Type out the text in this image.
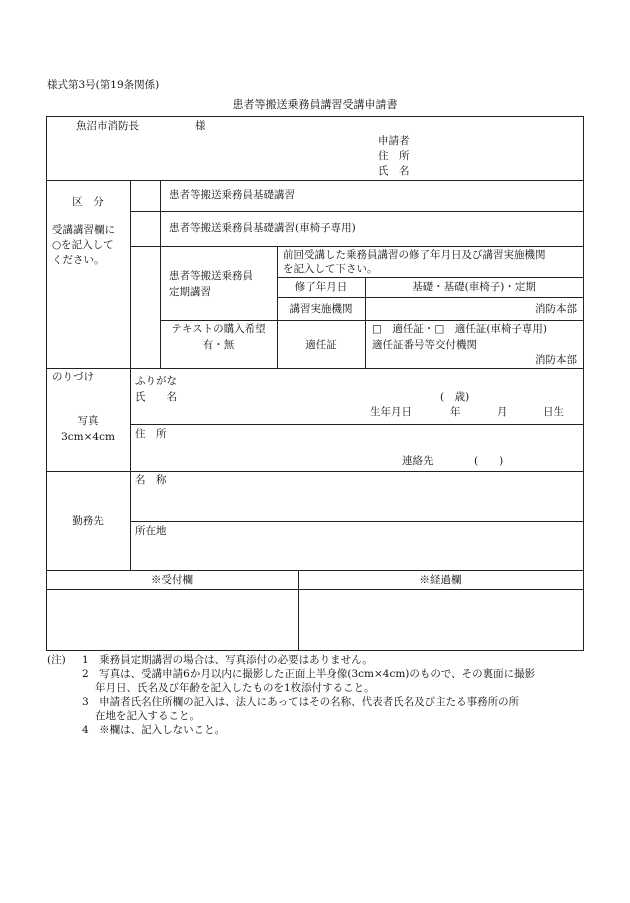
様式第3号(第19条関係)
患者等搬送乗務員講習受講申請書
魚沼市消防長	様
申請者
住　所
氏　名
区　分
受講講習欄に
○を記入して
ください。
患者等搬送乗務員基礎講習
患者等搬送乗務員基礎講習(車椅子専用)
患者等搬送乗務員
定期講習
前回受講した乗務員講習の修了年月日及び講習実施機関
を記入して下さい。
修了年月日	基礎・基礎(車椅子)・定期
講習実施機関	消防本部
テキストの購入希望
有・無	適任証
□　適任証・□　適任証(車椅子専用)
適任証番号等交付機関
消防本部
のりづけ
写真
3cm×4cm
ふりがな
氏　　名	(　歳)
生年月日	年	月	日生
住　所
連絡先	(　　)
勤務先
名　称
所在地
※受付欄	※経過欄
(注) 1　乗務員定期講習の場合は、写真添付の必要はありません。
2　写真は、受講申請6か月以内に撮影した正面上半身像(3cm×4cm)のもので、その裏面に撮影
年月日、氏名及び年齢を記入したものを1枚添付すること。
3　申請者氏名住所欄の記入は、法人にあってはその名称、代表者氏名及び主たる事務所の所
在地を記入すること。
4　※欄は、記入しないこと。
